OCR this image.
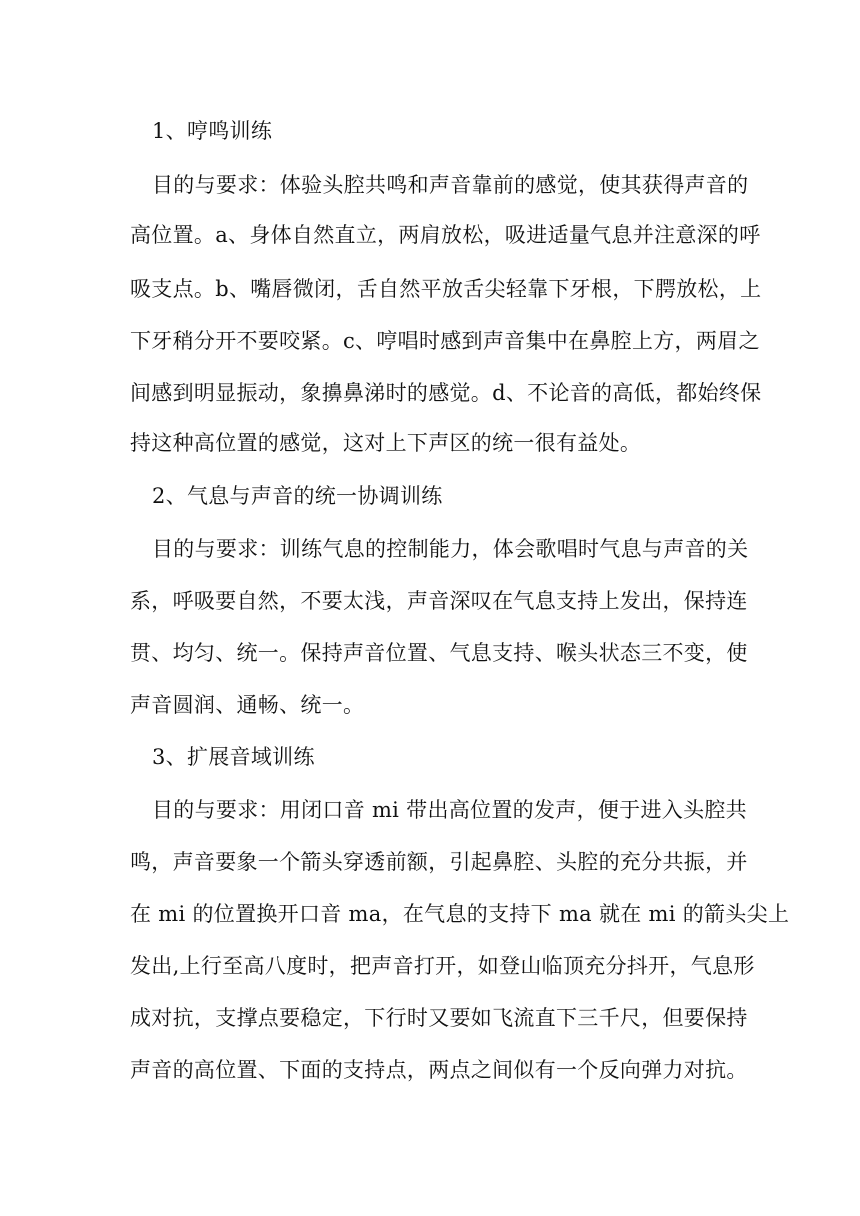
1、哼鸣训练
目的与要求：体验头腔共鸣和声音靠前的感觉，使其获得声音的
高位置。a、身体自然直立，两肩放松，吸进适量气息并注意深的呼
吸支点。b、嘴唇微闭，舌自然平放舌尖轻靠下牙根，下腭放松，上
下牙稍分开不要咬紧。c、哼唱时感到声音集中在鼻腔上方，两眉之
间感到明显振动，象擤鼻涕时的感觉。d、不论音的高低，都始终保
持这种高位置的感觉，这对上下声区的统一很有益处。
2、气息与声音的统一协调训练
目的与要求：训练气息的控制能力，体会歌唱时气息与声音的关
系，呼吸要自然，不要太浅，声音深叹在气息支持上发出，保持连
贯、均匀、统一。保持声音位置、气息支持、喉头状态三不变，使
声音圆润、通畅、统一。
3、扩展音域训练
目的与要求：用闭口音 mi 带出高位置的发声，便于进入头腔共
鸣，声音要象一个箭头穿透前额，引起鼻腔、头腔的充分共振，并
在 mi 的位置换开口音 ma，在气息的支持下 ma 就在 mi 的箭头尖上
发出,上行至高八度时，把声音打开，如登山临顶充分抖开，气息形
成对抗，支撑点要稳定，下行时又要如飞流直下三千尺，但要保持
声音的高位置、下面的支持点，两点之间似有一个反向弹力对抗。
